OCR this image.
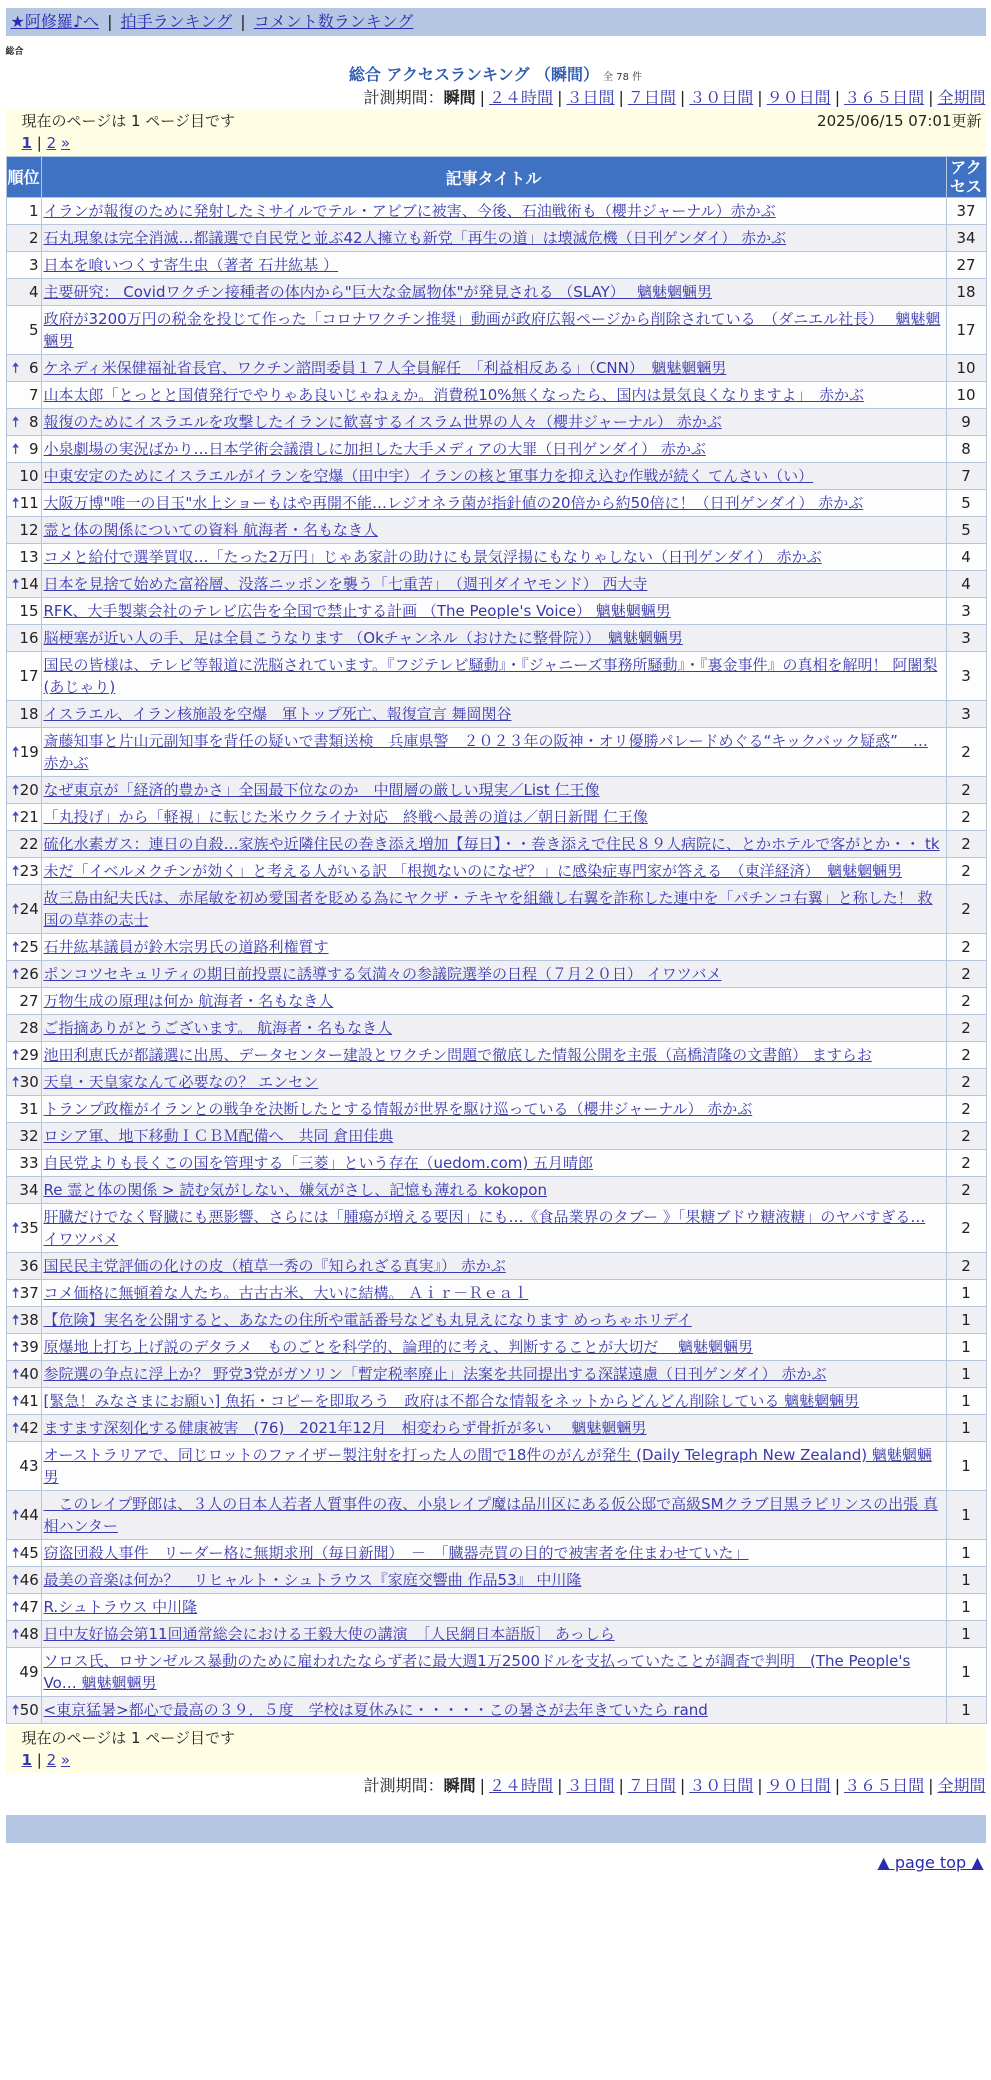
★阿修羅♪へ | 拍手ランキング | コメント数ランキング
総合
総合 アクセスランキング （瞬間） 全 78 件
計測期間：瞬間 | ２４時間 | ３日間 | ７日間 | ３０日間 | ９０日間 | ３６５日間 | 全期間
現在のページは 1 ページ目です	2025/06/15 07:01更新
1 | 2 »
順位	記事タイトル	アクセス
1	イランが報復のために発射したミサイルでテル・アビブに被害、今後、石油戦術も（櫻井ジャーナル）赤かぶ	37
2	石丸現象は完全消滅…都議選で自民党と並ぶ42人擁立も新党「再生の道」は壊滅危機（日刊ゲンダイ） 赤かぶ	34
3	日本を喰いつくす寄生虫（著者 石井紘基 ）	27
4	主要研究： Covidワクチン接種者の体内から"巨大な金属物体"が発見される （SLAY）　 魑魅魍魎男	18
5	政府が3200万円の税金を投じて作った「コロナワクチン推奨」動画が政府広報ページから削除されている　（ダニエル社長）　 魑魅魍魎男	17

🠅 6	ケネディ米保健福祉省長官、ワクチン諮問委員１７人全員解任　「利益相反ある」（CNN）　魑魅魍魎男	10
7	山本太郎「とっとと国債発行でやりゃあ良いじゃねぇか。消費税10%無くなったら、国内は景気良くなりますよ」　赤かぶ	10

🠅 8	報復のためにイスラエルを攻撃したイランに歓喜するイスラム世界の人々（櫻井ジャーナル） 赤かぶ	9

🠅 9	小泉劇場の実況ばかり…日本学術会議潰しに加担した大手メディアの大罪（日刊ゲンダイ） 赤かぶ	8
10	中東安定のためにイスラエルがイランを空爆（田中宇）イランの核と軍事力を抑え込む作戦が続く てんさい（い）	7

🠅 11	大阪万博"唯一の目玉"水上ショーもはや再開不能…レジオネラ菌が指針値の20倍から約50倍に！（日刊ゲンダイ） 赤かぶ	5
12	霊と体の関係についての資料 航海者・名もなき人	5
13	コメと給付で選挙買収…「たった2万円」じゃあ家計の助けにも景気浮揚にもなりゃしない（日刊ゲンダイ） 赤かぶ	4

🠅 14	日本を見捨て始めた富裕層、没落ニッポンを襲う「七重苦」　（週刊ダイヤモンド） 西大寺	4
15	RFK、大手製薬会社のテレビ広告を全国で禁止する計画 （The People's Voice） 魑魅魍魎男	3
16	脳梗塞が近い人の手、足は全員こうなります （Okチャンネル（おけたに整骨院））　魑魅魍魎男	3
17	国民の皆様は、テレビ等報道に洗脳されています。『フジテレビ騒動』・『ジャニーズ事務所騒動』・『裏金事件』の真相を解明！ 阿闍梨(あじゃり)	3
18	イスラエル、イラン核施設を空爆　軍トップ死亡、報復宣言 舞岡関谷	3

🠅 19	斎藤知事と片山元副知事を背任の疑いで書類送検　兵庫県警　２０２３年の阪神・オリ優勝パレードめぐる“キックバック疑惑”　… 赤かぶ	2

🠅 20	なぜ東京が「経済的豊かさ」全国最下位なのか　中間層の厳しい現実／List 仁王像	2

🠅 21	「丸投げ」から「軽視」に転じた米ウクライナ対応　終戦へ最善の道は／朝日新聞 仁王像	2
22	硫化水素ガス：連日の自殺…家族や近隣住民の巻き添え増加【毎日】・・巻き添えで住民８９人病院に、とかホテルで客がとか・・ tk	2

🠅 23	未だ「イベルメクチンが効く」と考える人がいる訳 「根拠ないのになぜ？」に感染症専門家が答える　（東洋経済）　魑魅魍魎男	2

🠅 24	故三島由紀夫氏は、赤尾敏を初め愛国者を貶める為にヤクザ・テキヤを組織し右翼を詐称した連中を「パチンコ右翼」と称した！ 救国の草莽の志士	2

🠅 25	石井紘基議員が鈴木宗男氏の道路利権質す	2

🠅 26	ポンコツセキュリティの期日前投票に誘導する気満々の参議院選挙の日程（７月２０日） イワツバメ	2
27	万物生成の原理は何か 航海者・名もなき人	2
28	ご指摘ありがとうございます。 航海者・名もなき人	2

🠅 29	池田利恵氏が都議選に出馬、データセンター建設とワクチン問題で徹底した情報公開を主張（高橋清隆の文書館） ますらお	2

🠅 30	天皇・天皇家なんて必要なの？ エンセン	2
31	トランプ政権がイランとの戦争を決断したとする情報が世界を駆け巡っている（櫻井ジャーナル） 赤かぶ	2
32	ロシア軍、地下移動ＩＣＢＭ配備へ　共同 倉田佳典	2
33	自民党よりも長くこの国を管理する「三菱」という存在（uedom.com) 五月晴郎	2
34	Re 霊と体の関係 > 読む気がしない、嫌気がさし、記憶も薄れる kokopon	2

🠅 35	肝臓だけでなく腎臓にも悪影響、さらには「腫瘍が増える要因」にも…《食品業界のタブー 》「果糖ブドウ糖液糖」のヤバすぎる… イワツバメ	2
36	国民民主党評価の化けの皮（植草一秀の『知られざる真実』） 赤かぶ	2

🠅 37	コメ価格に無頓着な人たち。古古古米、大いに結構。 Ａｉｒ－Ｒｅａｌ	1

🠅 38	【危険】実名を公開すると、あなたの住所や電話番号なども丸見えになります めっちゃホリデイ	1

🠅 39	原爆地上打ち上げ説のデタラメ　ものごとを科学的、論理的に考え、判断することが大切だ　 魑魅魍魎男	1

🠅 40	参院選の争点に浮上か？ 野党3党がガソリン「暫定税率廃止」法案を共同提出する深謀遠慮（日刊ゲンダイ） 赤かぶ	1

🠅 41	[緊急！みなさまにお願い] 魚拓・コピーを即取ろう　政府は不都合な情報をネットからどんどん削除している 魑魅魍魎男	1

🠅 42	ますます深刻化する健康被害　(76)　2021年12月　相変わらず骨折が多い　 魑魅魍魎男	1
43	オーストラリアで、同じロットのファイザー製注射を打った人の間で18件のがんが発生 (Daily Telegraph New Zealand) 魑魅魍魎男	1

🠅 44	　このレイプ野郎は、３人の日本人若者人質事件の夜、小泉レイプ魔は品川区にある仮公邸で高級SMクラブ目黒ラビリンスの出張 真相ハンター	1

🠅 45	窃盗団殺人事件　リーダー格に無期求刑（毎日新聞）　－　「臓器売買の目的で被害者を住まわせていた」	1

🠅 46	最美の音楽は何か？＿リヒャルト・シュトラウス『家庭交響曲 作品53』 中川隆	1

🠅 47	R.シュトラウス 中川隆	1

🠅 48	日中友好協会第11回通常総会における王毅大使の講演　［人民網日本語版］ あっしら	1
49	ソロス氏、ロサンゼルス暴動のために雇われたならず者に最大週1万2500ドルを支払っていたことが調査で判明　(The People's Vo… 魑魅魍魎男	1

🠅 50	<東京猛暑>都心で最高の３９．５度　学校は夏休みに・・・・・この暑さが去年きていたら rand	1
現在のページは 1 ページ目です
1 | 2 »
計測期間：瞬間 | ２４時間 | ３日間 | ７日間 | ３０日間 | ９０日間 | ３６５日間 | 全期間
▲ page top ▲
